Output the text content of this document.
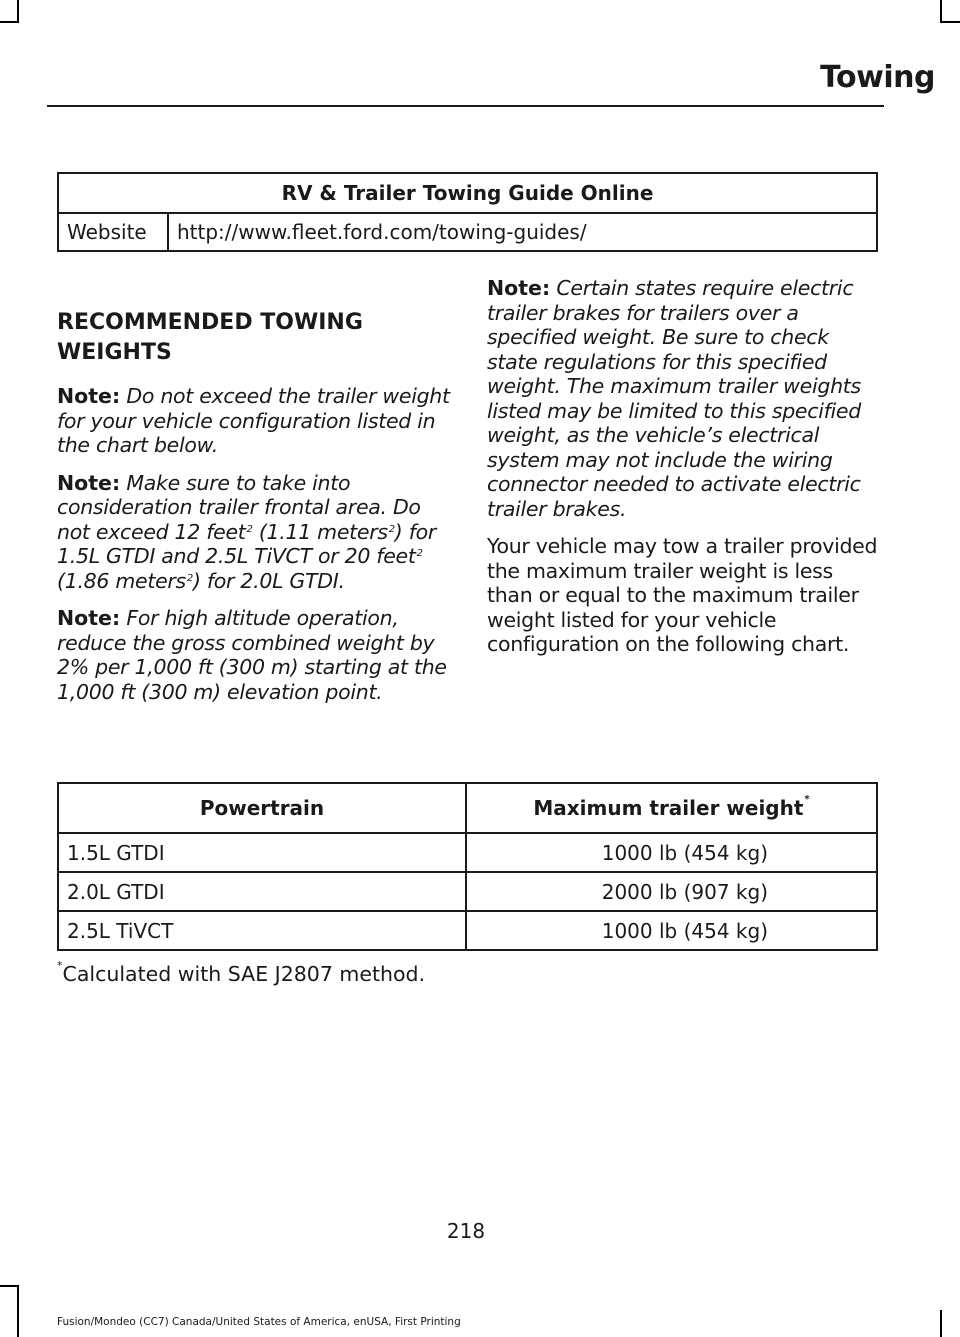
Towing
RV & Trailer Towing Guide Online
Website	http://www.fleet.ford.com/towing-guides/
RECOMMENDED TOWING
WEIGHTS

Note: Do not exceed the trailer weight for your vehicle configuration listed in the chart below.

Note: Make sure to take into consideration trailer frontal area. Do not exceed 12 feet$^2$ (1.11 meters$^2$) for 1.5L GTDI and 2.5L TiVCT or 20 feet$^2$ (1.86 meters$^2$) for 2.0L GTDI.

Note: For high altitude operation, reduce the gross combined weight by 2% per 1,000 ft (300 m) starting at the 1,000 ft (300 m) elevation point.

Note: Certain states require electric trailer brakes for trailers over a specified weight. Be sure to check state regulations for this specified weight. The maximum trailer weights listed may be limited to this specified weight, as the vehicle’s electrical system may not include the wiring connector needed to activate electric trailer brakes.

Your vehicle may tow a trailer provided the maximum trailer weight is less than or equal to the maximum trailer weight listed for your vehicle configuration on the following chart.

Powertrain	Maximum trailer weight*
1.5L GTDI	1000 lb (454 kg)
2.0L GTDI	2000 lb (907 kg)
2.5L TiVCT	1000 lb (454 kg)
*Calculated with SAE J2807 method.
218
Fusion/Mondeo (CC7) Canada/United States of America, enUSA, First Printing
